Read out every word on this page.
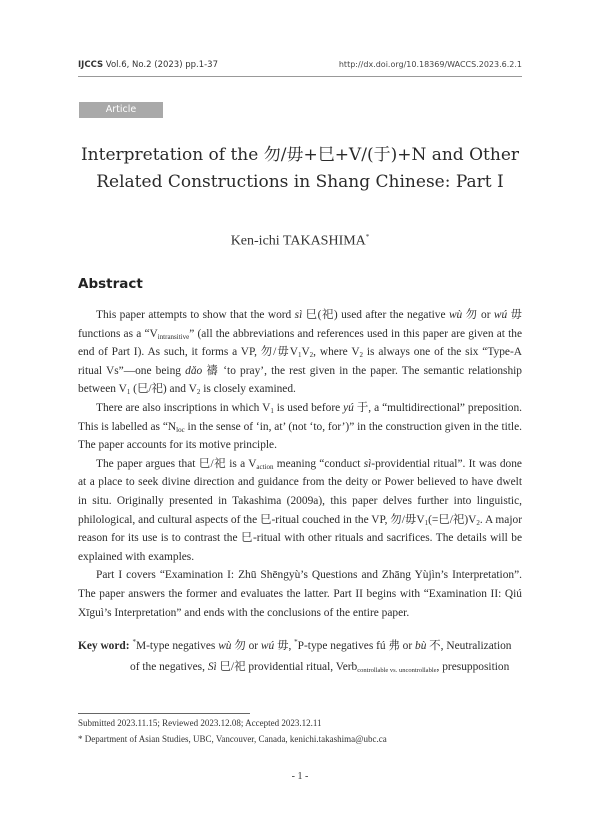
IJCCS Vol.6, No.2 (2023) pp.1-37	http://dx.doi.org/10.18369/WACCS.2023.6.2.1
Article
Interpretation of the 勿/毋+巳+V/(于)+N and Other
Related Constructions in Shang Chinese: Part I
Ken-ichi TAKASHIMA*
Abstract

This paper attempts to show that the word sì 巳(祀) used after the negative wù 勿 or wú 毋 functions as a “$V_{intransitive}$” (all the abbreviations and references used in this paper are given at the end of Part I). As such, it forms a VP, 勿/毋$V_1V_2$, where $V_2$ is always one of the six “Type-A ritual Vs”—one being dǎo 禱 ‘to pray’, the rest given in the paper. The semantic relationship between $V_1$ (巳/祀) and $V_2$ is closely examined.

There are also inscriptions in which $V_1$ is used before yú 于, a “multidirectional” preposition. This is labelled as “$N_{loc}$ in the sense of ‘in, at’ (not ‘to, for’)” in the construction given in the title. The paper accounts for its motive principle.

The paper argues that 巳/祀 is a $V_{action}$ meaning “conduct sì-providential ritual”. It was done at a place to seek divine direction and guidance from the deity or Power believed to have dwelt in situ. Originally presented in Takashima (2009a), this paper delves further into linguistic, philological, and cultural aspects of the 巳-ritual couched in the VP, 勿/毋$V_1(=$巳/祀)$V_2$. A major reason for its use is to contrast the 巳-ritual with other rituals and sacrifices. The details will be explained with examples.

Part I covers “Examination I: Zhū Shēngyù’s Questions and Zhāng Yùjìn’s Interpretation”. The paper answers the former and evaluates the latter. Part II begins with “Examination II: Qiú Xīguì’s Interpretation” and ends with the conclusions of the entire paper.

Key word: *M-type negatives wù 勿 or wú 毋, *P-type negatives fú 弗 or bù 不, Neutralization
of the negatives, Sì 巳/祀 providential ritual, Verb$_{controllable vs. uncontrollable}$, presupposition
Submitted 2023.11.15; Reviewed 2023.12.08; Accepted 2023.12.11
* Department of Asian Studies, UBC, Vancouver, Canada, kenichi.takashima@ubc.ca
- 1 -
